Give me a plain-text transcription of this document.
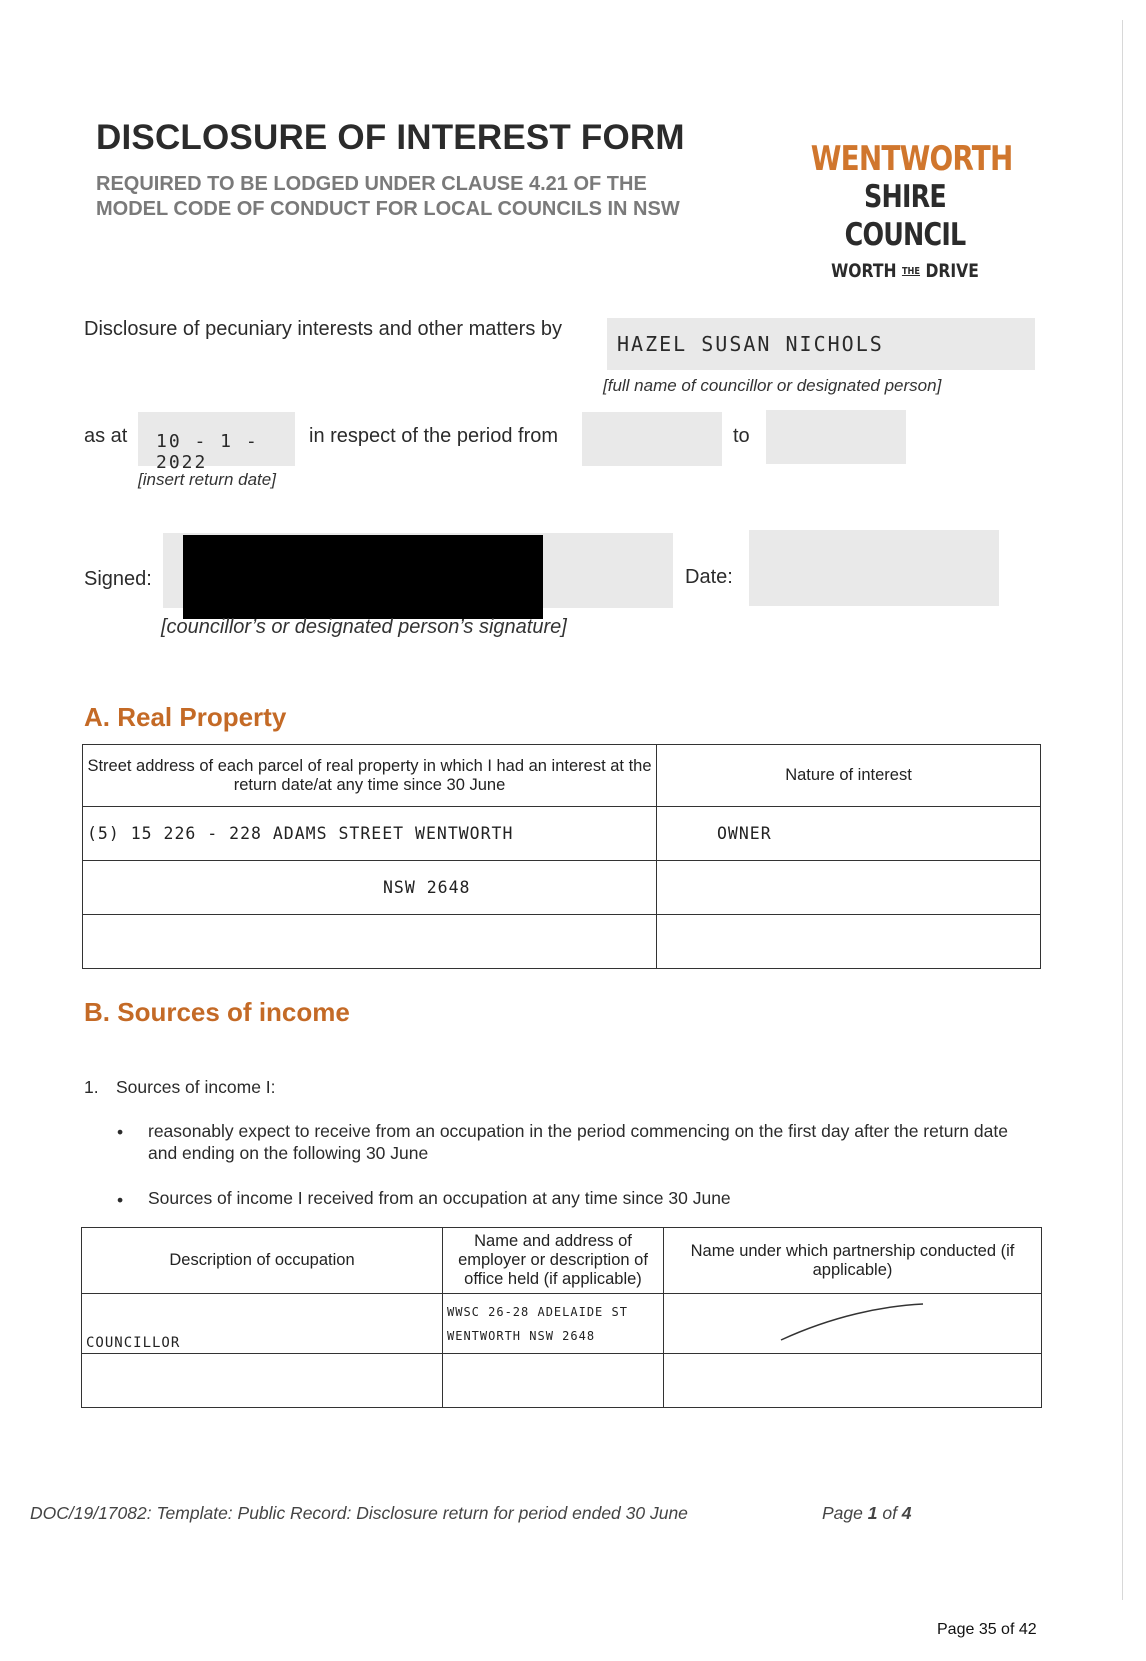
DISCLOSURE OF INTEREST FORM
REQUIRED TO BE LODGED UNDER CLAUSE 4.21 OF THE MODEL CODE OF CONDUCT FOR LOCAL COUNCILS IN NSW
WENTWORTH
SHIRE COUNCIL
WORTH THE DRIVE
Disclosure of pecuniary interests and other matters by
HAZEL SUSAN NICHOLS
[full name of councillor or designated person]
as at 10 - 1 - 2022
[insert return date]
in respect of the period from	to
Signed:
[councillor’s or designated person’s signature]
Date:
A. Real Property
Street address of each parcel of real property in which I had an interest at the return date/at any time since 30 June	Nature of interest
(5) 15 226 - 228 ADAMS STREET WENTWORTH	OWNER
NSW 2648	

B. Sources of income
1. Sources of income I:
• reasonably expect to receive from an occupation in the period commencing on the first day after the return date and ending on the following 30 June
• Sources of income I received from an occupation at any time since 30 June
Description of occupation	Name and address of employer or description of office held (if applicable)	Name under which partnership conducted (if applicable)
COUNCILLOR	WWSC 26-28 ADELAIDE ST
WENTWORTH NSW 2648

DOC/19/17082: Template: Public Record: Disclosure return for period ended 30 June	Page 1 of 4
Page 35 of 42
